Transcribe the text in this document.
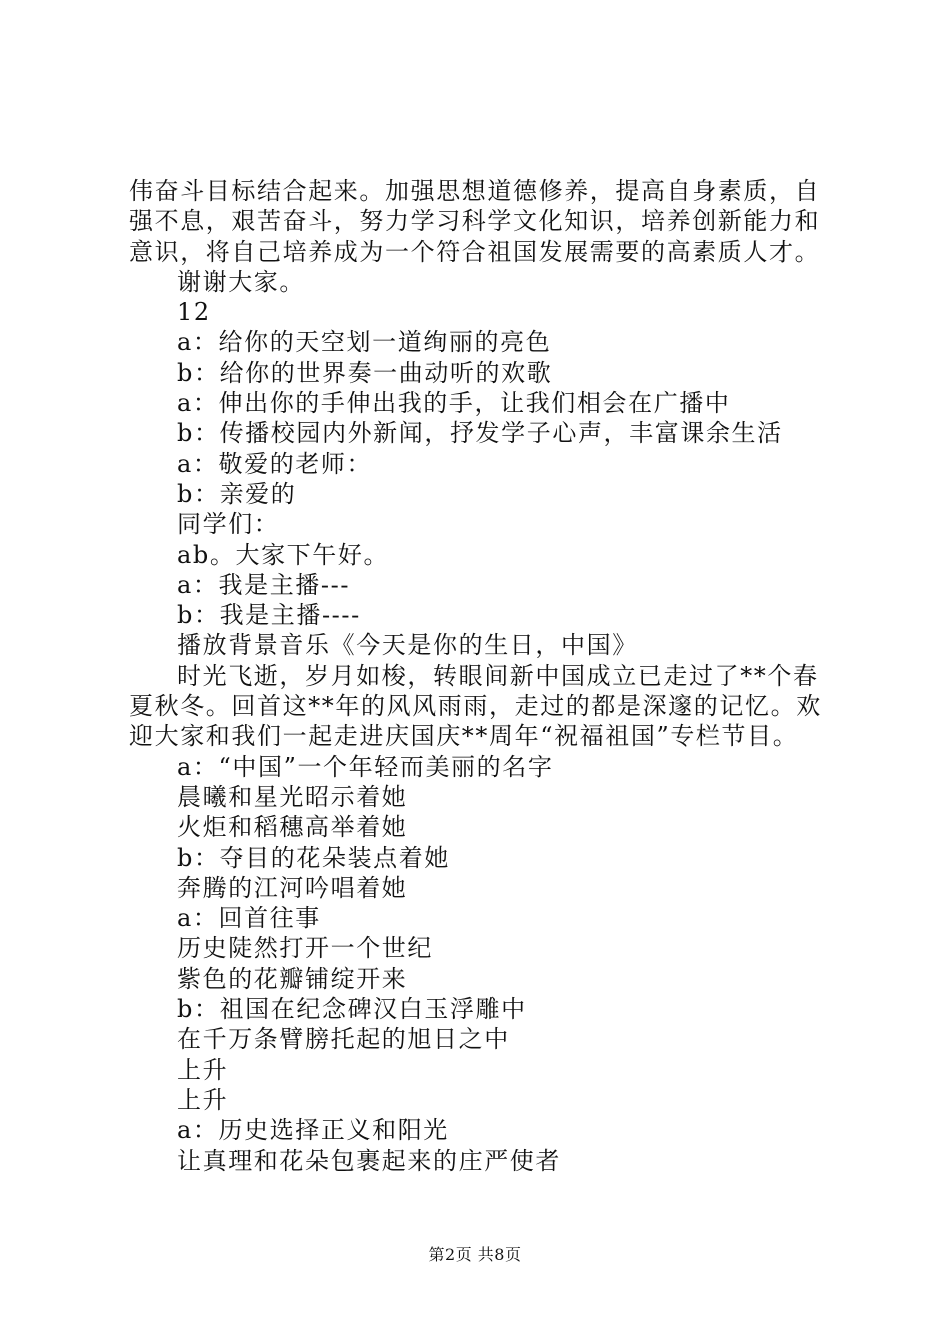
伟奋斗目标结合起来。加强思想道德修养，提高自身素质，自
强不息，艰苦奋斗，努力学习科学文化知识，培养创新能力和
意识，将自己培养成为一个符合祖国发展需要的高素质人才。
谢谢大家。
12
a：给你的天空划一道绚丽的亮色
b：给你的世界奏一曲动听的欢歌
a：伸出你的手伸出我的手，让我们相会在广播中
b：传播校园内外新闻，抒发学子心声，丰富课余生活
a：敬爱的老师：
b：亲爱的
同学们：
ab。大家下午好。
a：我是主播---
b：我是主播----
播放背景音乐《今天是你的生日，中国》
时光飞逝，岁月如梭，转眼间新中国成立已走过了**个春
夏秋冬。回首这**年的风风雨雨，走过的都是深邃的记忆。欢
迎大家和我们一起走进庆国庆**周年“祝福祖国”专栏节目。
a：“中国”一个年轻而美丽的名字
晨曦和星光昭示着她
火炬和稻穗高举着她
b：夺目的花朵装点着她
奔腾的江河吟唱着她
a：回首往事
历史陡然打开一个世纪
紫色的花瓣铺绽开来
b：祖国在纪念碑汉白玉浮雕中
在千万条臂膀托起的旭日之中
上升
上升
a：历史选择正义和阳光
让真理和花朵包裹起来的庄严使者
第2页 共8页
